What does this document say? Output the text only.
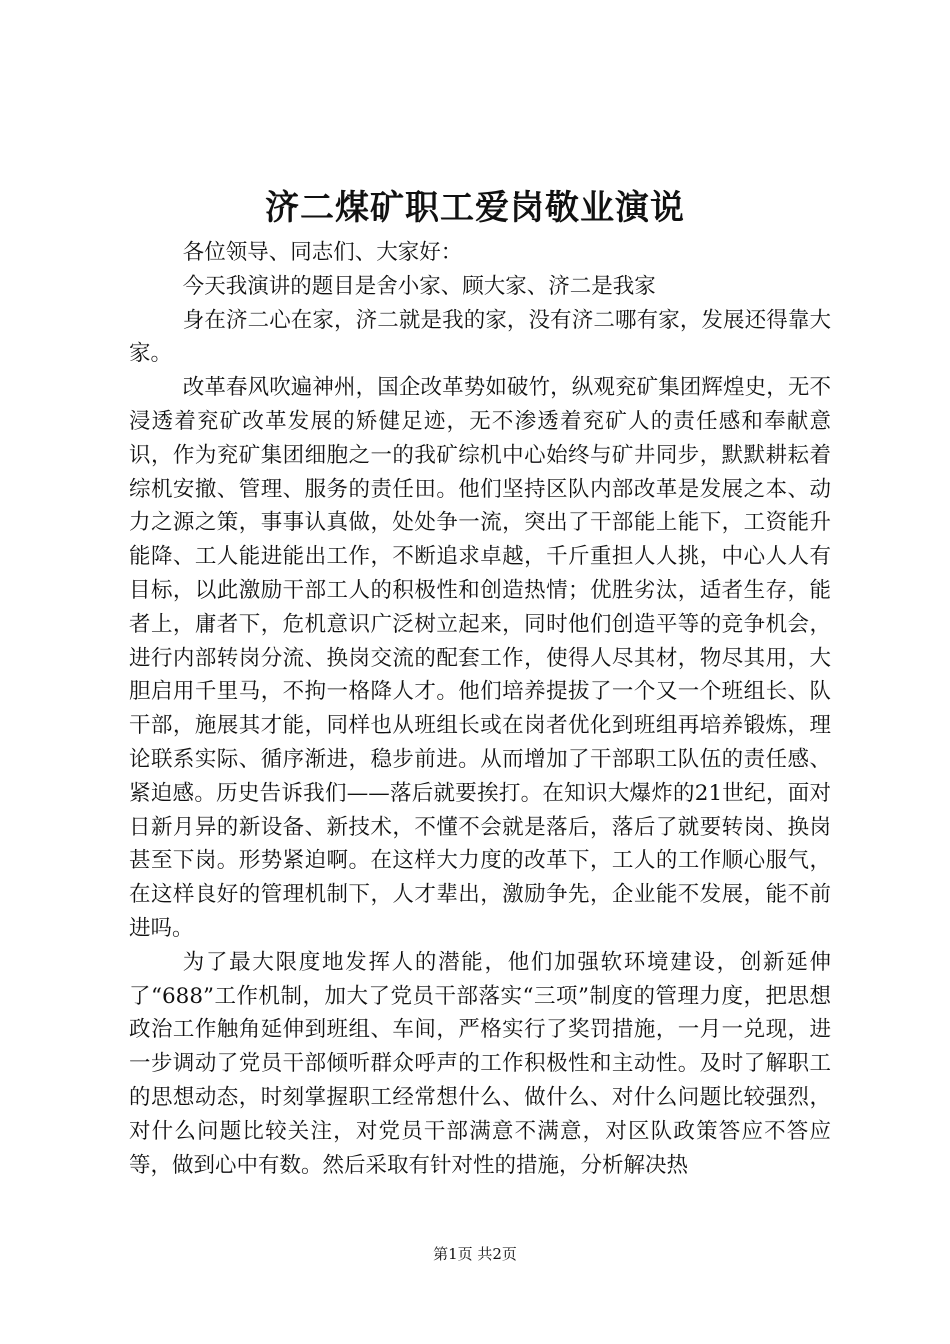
济二煤矿职工爱岗敬业演说

各位领导、同志们、大家好：

今天我演讲的题目是舍小家、顾大家、济二是我家

身在济二心在家，济二就是我的家，没有济二哪有家，发展还得靠大家。

改革春风吹遍神州，国企改革势如破竹，纵观兖矿集团辉煌史，无不浸透着兖矿改革发展的矫健足迹，无不渗透着兖矿人的责任感和奉献意识，作为兖矿集团细胞之一的我矿综机中心始终与矿井同步，默默耕耘着综机安撤、管理、服务的责任田。他们坚持区队内部改革是发展之本、动力之源之策，事事认真做，处处争一流，突出了干部能上能下，工资能升能降、工人能进能出工作，不断追求卓越，千斤重担人人挑，中心人人有目标，以此激励干部工人的积极性和创造热情；优胜劣汰，适者生存，能者上，庸者下，危机意识广泛树立起来，同时他们创造平等的竞争机会，进行内部转岗分流、换岗交流的配套工作，使得人尽其材，物尽其用，大胆启用千里马，不拘一格降人才。他们培养提拔了一个又一个班组长、队干部，施展其才能，同样也从班组长或在岗者优化到班组再培养锻炼，理论联系实际、循序渐进，稳步前进。从而增加了干部职工队伍的责任感、紧迫感。历史告诉我们——落后就要挨打。在知识大爆炸的21世纪，面对日新月异的新设备、新技术，不懂不会就是落后，落后了就要转岗、换岗甚至下岗。形势紧迫啊。在这样大力度的改革下，工人的工作顺心服气，在这样良好的管理机制下，人才辈出，激励争先，企业能不发展，能不前进吗。

为了最大限度地发挥人的潜能，他们加强软环境建设，创新延伸了“688”工作机制，加大了党员干部落实“三项”制度的管理力度，把思想政治工作触角延伸到班组、车间，严格实行了奖罚措施，一月一兑现，进一步调动了党员干部倾听群众呼声的工作积极性和主动性。及时了解职工的思想动态，时刻掌握职工经常想什么、做什么、对什么问题比较强烈，对什么问题比较关注，对党员干部满意不满意，对区队政策答应不答应等，做到心中有数。然后采取有针对性的措施，分析解决热

第1页 共2页
